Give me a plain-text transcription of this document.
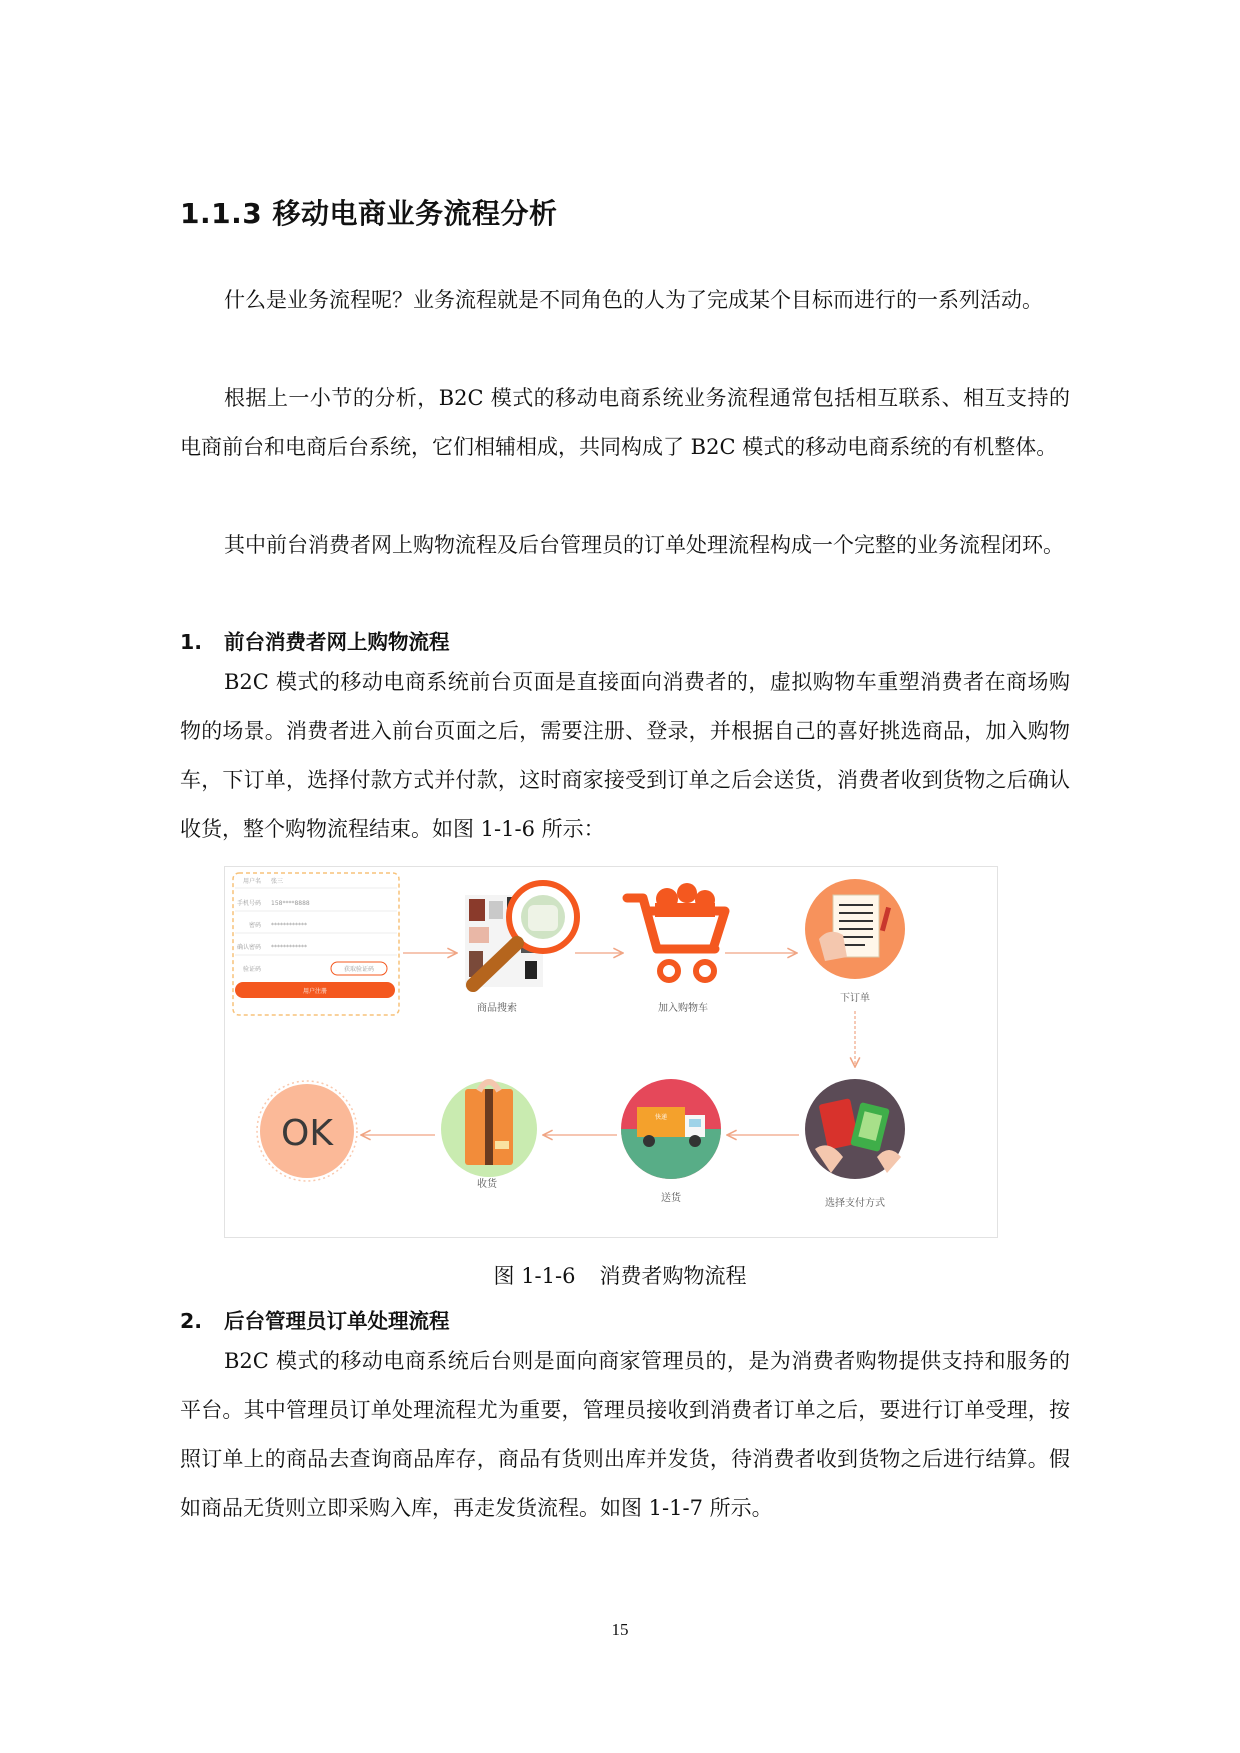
1.1.3 移动电商业务流程分析

什么是业务流程呢？业务流程就是不同角色的人为了完成某个目标而进行的一系列活动。

根据上一小节的分析，B2C 模式的移动电商系统业务流程通常包括相互联系、相互支持的电商前台和电商后台系统，它们相辅相成，共同构成了 B2C 模式的移动电商系统的有机整体。

其中前台消费者网上购物流程及后台管理员的订单处理流程构成一个完整的业务流程闭环。

1. 前台消费者网上购物流程

B2C 模式的移动电商系统前台页面是直接面向消费者的，虚拟购物车重塑消费者在商场购物的场景。消费者进入前台页面之后，需要注册、登录，并根据自己的喜好挑选商品，加入购物车，下订单，选择付款方式并付款，这时商家接受到订单之后会送货，消费者收到货物之后确认收货，整个购物流程结束。如图 1-1-6 所示：

用户名 张三
手机号码 158****8888
密码 ************
确认密码 ************
验证码	获取验证码
用户注册
商品搜索	加入购物车
下订单
选择支付方式
快递
送货
收货
OK

图 1-1-6 消费者购物流程

2. 后台管理员订单处理流程

B2C 模式的移动电商系统后台则是面向商家管理员的，是为消费者购物提供支持和服务的平台。其中管理员订单处理流程尤为重要，管理员接收到消费者订单之后，要进行订单受理，按照订单上的商品去查询商品库存，商品有货则出库并发货，待消费者收到货物之后进行结算。假如商品无货则立即采购入库，再走发货流程。如图 1-1-7 所示。

15
